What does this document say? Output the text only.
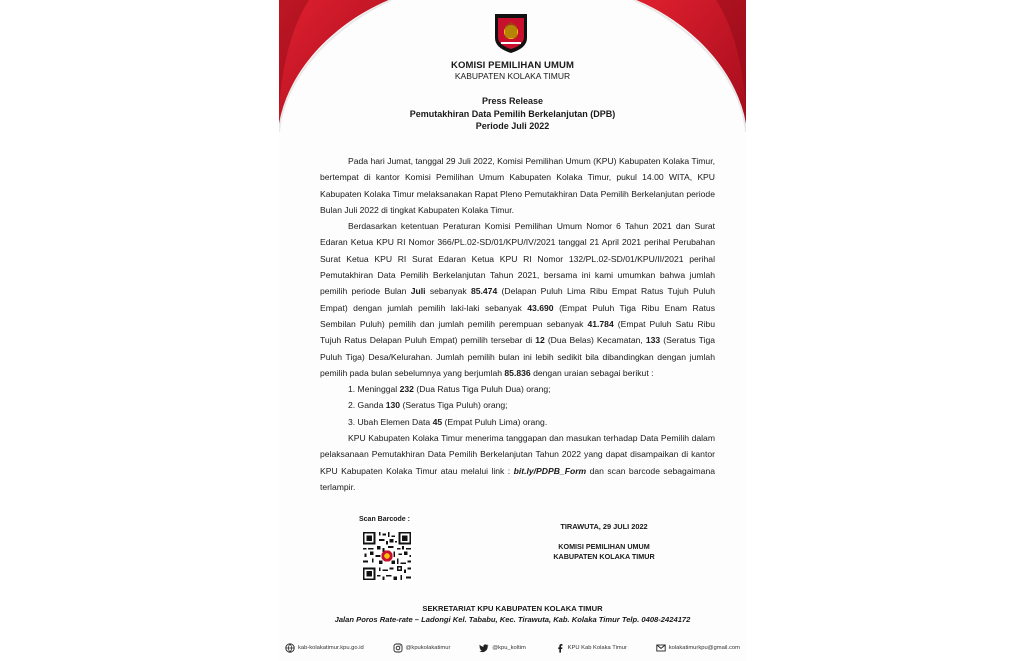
KOMISI PEMILIHAN UMUM
KABUPATEN KOLAKA TIMUR
Press Release
Pemutakhiran Data Pemilih Berkelanjutan (DPB)
Periode Juli 2022

Pada hari Jumat, tanggal 29 Juli 2022, Komisi Pemilihan Umum (KPU) Kabupaten Kolaka Timur, bertempat di kantor Komisi Pemilihan Umum Kabupaten Kolaka Timur, pukul 14.00 WITA, KPU Kabupaten Kolaka Timur melaksanakan Rapat Pleno Pemutakhiran Data Pemilih Berkelanjutan periode Bulan Juli 2022 di tingkat Kabupaten Kolaka Timur.

Berdasarkan ketentuan Peraturan Komisi Pemilihan Umum Nomor 6 Tahun 2021 dan Surat Edaran Ketua KPU RI Nomor 366/PL.02-SD/01/KPU/IV/2021 tanggal 21 April 2021 perihal Perubahan Surat Ketua KPU RI Surat Edaran Ketua KPU RI Nomor 132/PL.02-SD/01/KPU/II/2021 perihal Pemutakhiran Data Pemilih Berkelanjutan Tahun 2021, bersama ini kami umumkan bahwa jumlah pemilih periode Bulan Juli sebanyak 85.474 (Delapan Puluh Lima Ribu Empat Ratus Tujuh Puluh Empat) dengan jumlah pemilih laki-laki sebanyak 43.690 (Empat Puluh Tiga Ribu Enam Ratus Sembilan Puluh) pemilih dan jumlah pemilih perempuan sebanyak 41.784 (Empat Puluh Satu Ribu Tujuh Ratus Delapan Puluh Empat) pemilih tersebar di 12 (Dua Belas) Kecamatan, 133 (Seratus Tiga Puluh Tiga) Desa/Kelurahan. Jumlah pemilih bulan ini lebih sedikit bila dibandingkan dengan jumlah pemilih pada bulan sebelumnya yang berjumlah 85.836 dengan uraian sebagai berikut :

1. Meninggal 232 (Dua Ratus Tiga Puluh Dua) orang;
2. Ganda 130 (Seratus Tiga Puluh) orang;
3. Ubah Elemen Data 45 (Empat Puluh Lima) orang.

KPU Kabupaten Kolaka Timur menerima tanggapan dan masukan terhadap Data Pemilih dalam pelaksanaan Pemutakhiran Data Pemilih Berkelanjutan Tahun 2022 yang dapat disampaikan di kantor KPU Kabupaten Kolaka Timur atau melalui link : bit.ly/PDPB_Form dan scan barcode sebagaimana terlampir.

Scan Barcode :
TIRAWUTA, 29 JULI 2022
KOMISI PEMILIHAN UMUM
KABUPATEN KOLAKA TIMUR
SEKRETARIAT KPU KABUPATEN KOLAKA TIMUR
Jalan Poros Rate-rate – Ladongi Kel. Tababu, Kec. Tirawuta, Kab. Kolaka Timur Telp. 0408-2424172
kab-kolakatimur.kpu.go.id	@kpukolakatimur	@kpu_koltim	KPU Kab Kolaka Timur	kolakatimurkpu@gmail.com
